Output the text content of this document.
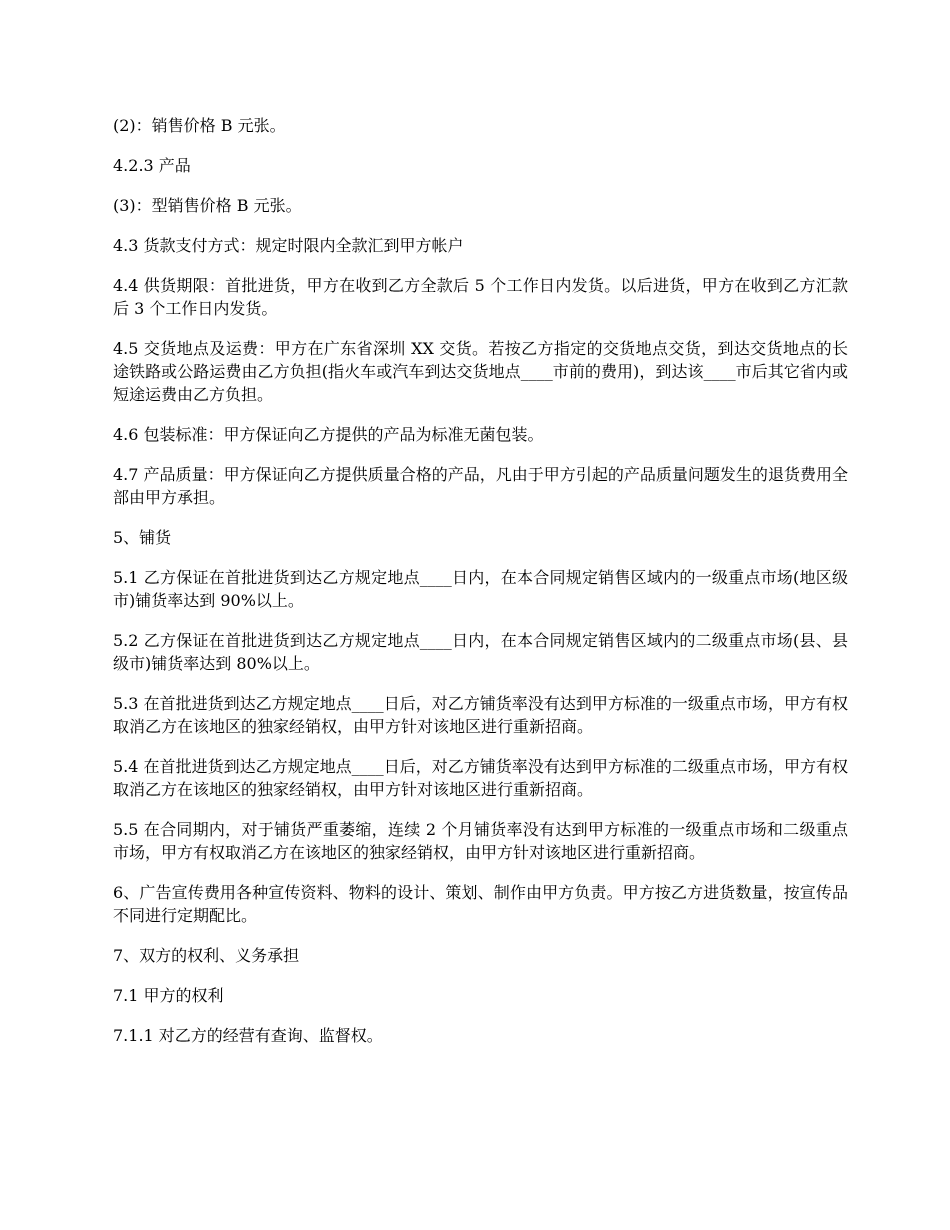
(2)：销售价格 B 元张。

4.2.3 产品

(3)：型销售价格 B 元张。

4.3 货款支付方式：规定时限内全款汇到甲方帐户

4.4 供货期限：首批进货，甲方在收到乙方全款后 5 个工作日内发货。以后进货，甲方在收到乙方汇款后 3 个工作日内发货。

4.5 交货地点及运费：甲方在广东省深圳 XX 交货。若按乙方指定的交货地点交货，到达交货地点的长途铁路或公路运费由乙方负担(指火车或汽车到达交货地点____市前的费用)，到达该____市后其它省内或短途运费由乙方负担。

4.6 包装标准：甲方保证向乙方提供的产品为标准无菌包装。

4.7 产品质量：甲方保证向乙方提供质量合格的产品，凡由于甲方引起的产品质量问题发生的退货费用全部由甲方承担。

5、铺货

5.1 乙方保证在首批进货到达乙方规定地点____日内，在本合同规定销售区域内的一级重点市场(地区级市)铺货率达到 90%以上。

5.2 乙方保证在首批进货到达乙方规定地点____日内，在本合同规定销售区域内的二级重点市场(县、县级市)铺货率达到 80%以上。

5.3 在首批进货到达乙方规定地点____日后，对乙方铺货率没有达到甲方标准的一级重点市场，甲方有权取消乙方在该地区的独家经销权，由甲方针对该地区进行重新招商。

5.4 在首批进货到达乙方规定地点____日后，对乙方铺货率没有达到甲方标准的二级重点市场，甲方有权取消乙方在该地区的独家经销权，由甲方针对该地区进行重新招商。

5.5 在合同期内，对于铺货严重萎缩，连续 2 个月铺货率没有达到甲方标准的一级重点市场和二级重点市场，甲方有权取消乙方在该地区的独家经销权，由甲方针对该地区进行重新招商。

6、广告宣传费用各种宣传资料、物料的设计、策划、制作由甲方负责。甲方按乙方进货数量，按宣传品不同进行定期配比。

7、双方的权利、义务承担

7.1 甲方的权利

7.1.1 对乙方的经营有查询、监督权。
